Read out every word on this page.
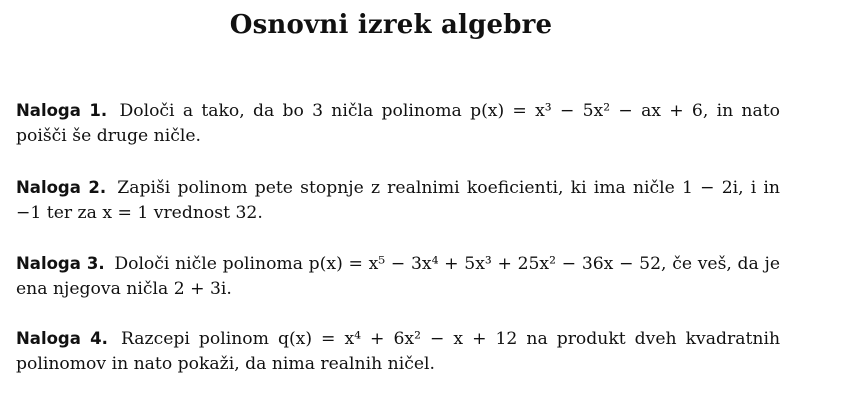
Osnovni izrek algebre

Naloga 1. Določi a tako, da bo 3 ničla polinoma p(x) = x³ − 5x² − ax + 6, in nato poišči še druge ničle.

Naloga 2. Zapiši polinom pete stopnje z realnimi koeficienti, ki ima ničle 1 − 2i, i in −1 ter za x = 1 vrednost 32.

Naloga 3. Določi ničle polinoma p(x) = x⁵ − 3x⁴ + 5x³ + 25x² − 36x − 52, če veš, da je ena njegova ničla 2 + 3i.

Naloga 4. Razcepi polinom q(x) = x⁴ + 6x² − x + 12 na produkt dveh kvadratnih polinomov in nato pokaži, da nima realnih ničel.
